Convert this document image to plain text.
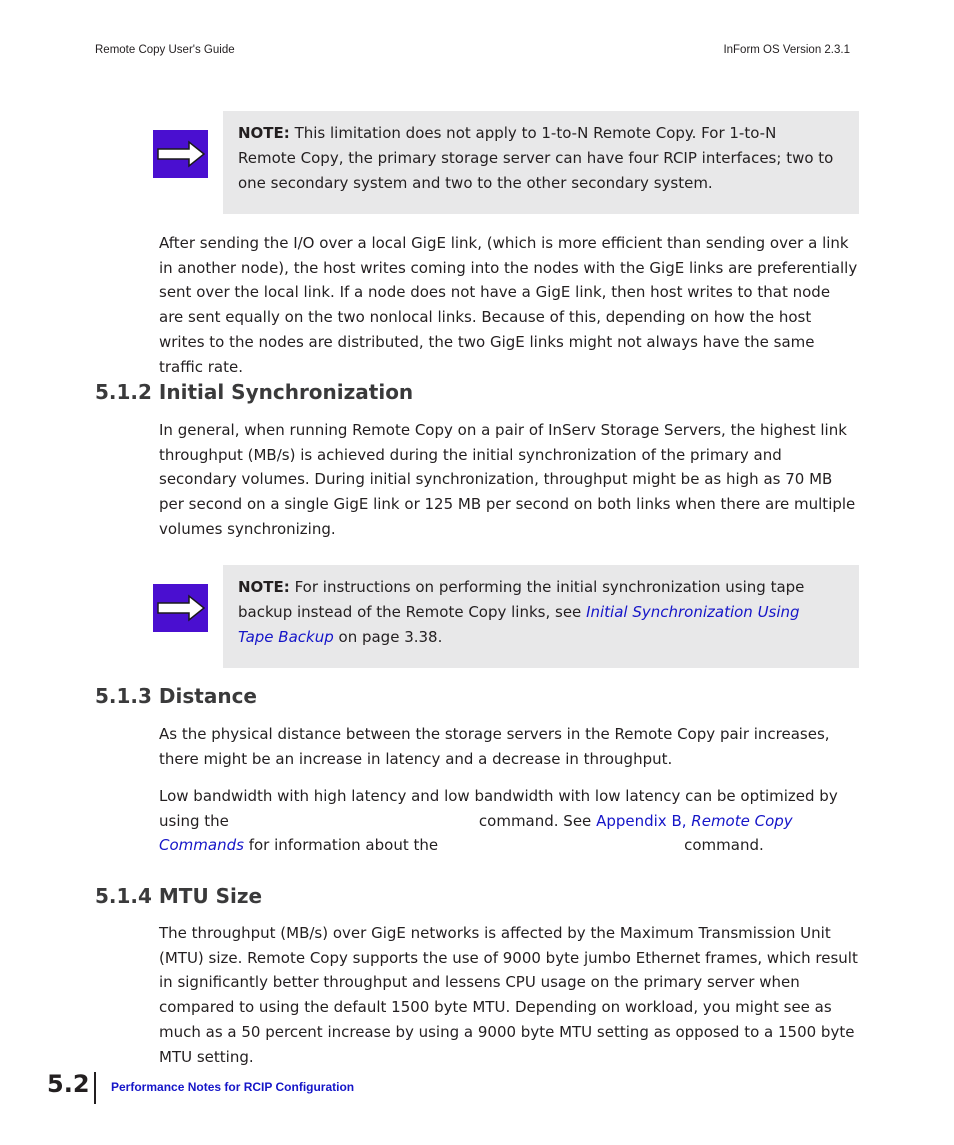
Remote Copy User's Guide	InForm OS Version 2.3.1
NOTE: This limitation does not apply to 1-to-N Remote Copy. For 1-to-N Remote Copy, the primary storage server can have four RCIP interfaces; two to one secondary system and two to the other secondary system.
After sending the I/O over a local GigE link, (which is more efficient than sending over a link in another node), the host writes coming into the nodes with the GigE links are preferentially sent over the local link. If a node does not have a GigE link, then host writes to that node are sent equally on the two nonlocal links. Because of this, depending on how the host writes to the nodes are distributed, the two GigE links might not always have the same traffic rate.
5.1.2 Initial Synchronization
In general, when running Remote Copy on a pair of InServ Storage Servers, the highest link throughput (MB/s) is achieved during the initial synchronization of the primary and secondary volumes. During initial synchronization, throughput might be as high as 70 MB per second on a single GigE link or 125 MB per second on both links when there are multiple volumes synchronizing.
NOTE: For instructions on performing the initial synchronization using tape backup instead of the Remote Copy links, see Initial Synchronization Using Tape Backup on page 3.38.
5.1.3 Distance
As the physical distance between the storage servers in the Remote Copy pair increases, there might be an increase in latency and a decrease in throughput.
Low bandwidth with high latency and low bandwidth with low latency can be optimized by using the	command. See Appendix B, Remote Copy Commands for information about the	command.
5.1.4 MTU Size
The throughput (MB/s) over GigE networks is affected by the Maximum Transmission Unit (MTU) size. Remote Copy supports the use of 9000 byte jumbo Ethernet frames, which result in significantly better throughput and lessens CPU usage on the primary server when compared to using the default 1500 byte MTU. Depending on workload, you might see as much as a 50 percent increase by using a 9000 byte MTU setting as opposed to a 1500 byte MTU setting.
5.2 Performance Notes for RCIP Configuration
